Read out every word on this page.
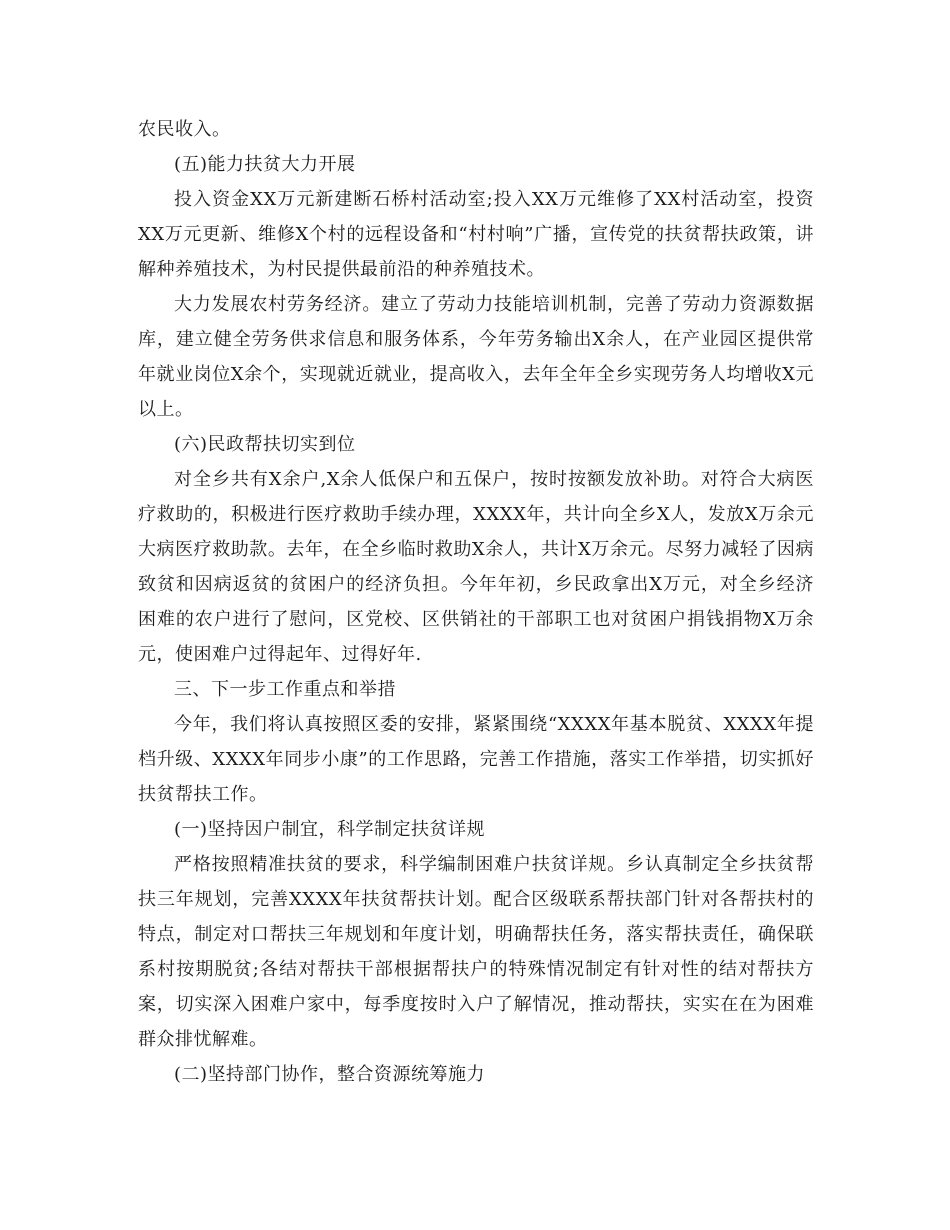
农民收入。

(五)能力扶贫大力开展

投入资金XX万元新建断石桥村活动室;投入XX万元维修了XX村活动室，投资XX万元更新、维修X个村的远程设备和“村村响”广播，宣传党的扶贫帮扶政策，讲解种养殖技术，为村民提供最前沿的种养殖技术。

大力发展农村劳务经济。建立了劳动力技能培训机制，完善了劳动力资源数据库，建立健全劳务供求信息和服务体系，今年劳务输出X余人，在产业园区提供常年就业岗位X余个，实现就近就业，提高收入，去年全年全乡实现劳务人均增收X元以上。

(六)民政帮扶切实到位

对全乡共有X余户,X余人低保户和五保户，按时按额发放补助。对符合大病医疗救助的，积极进行医疗救助手续办理，XXXX年，共计向全乡X人，发放X万余元大病医疗救助款。去年，在全乡临时救助X余人，共计X万余元。尽努力减轻了因病致贫和因病返贫的贫困户的经济负担。今年年初，乡民政拿出X万元，对全乡经济困难的农户进行了慰问，区党校、区供销社的干部职工也对贫困户捐钱捐物X万余元，使困难户过得起年、过得好年.

三、下一步工作重点和举措

今年，我们将认真按照区委的安排，紧紧围绕“XXXX年基本脱贫、XXXX年提档升级、XXXX年同步小康”的工作思路，完善工作措施，落实工作举措，切实抓好扶贫帮扶工作。

(一)坚持因户制宜，科学制定扶贫详规

严格按照精准扶贫的要求，科学编制困难户扶贫详规。乡认真制定全乡扶贫帮扶三年规划，完善XXXX年扶贫帮扶计划。配合区级联系帮扶部门针对各帮扶村的特点，制定对口帮扶三年规划和年度计划，明确帮扶任务，落实帮扶责任，确保联系村按期脱贫;各结对帮扶干部根据帮扶户的特殊情况制定有针对性的结对帮扶方案，切实深入困难户家中，每季度按时入户了解情况，推动帮扶，实实在在为困难群众排忧解难。

(二)坚持部门协作，整合资源统筹施力
